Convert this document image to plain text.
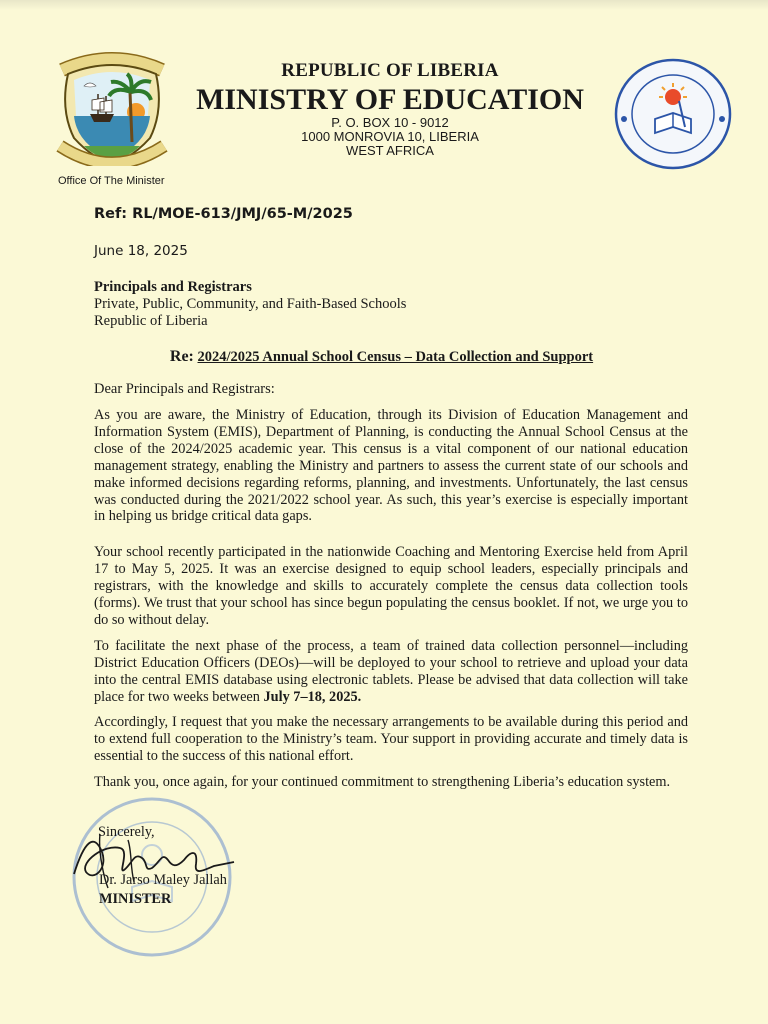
REPUBLIC OF LIBERIA
MINISTRY OF EDUCATION
P. O. BOX 10 - 9012
1000 MONROVIA 10, LIBERIA
WEST AFRICA
Office Of The Minister
Ref: RL/MOE-613/JMJ/65-M/2025
June 18, 2025
Principals and Registrars
Private, Public, Community, and Faith-Based Schools
Republic of Liberia
Re: 2024/2025 Annual School Census – Data Collection and Support
Dear Principals and Registrars:
As you are aware, the Ministry of Education, through its Division of Education Management and Information System (EMIS), Department of Planning, is conducting the Annual School Census at the close of the 2024/2025 academic year. This census is a vital component of our national education management strategy, enabling the Ministry and partners to assess the current state of our schools and make informed decisions regarding reforms, planning, and investments. Unfortunately, the last census was conducted during the 2021/2022 school year. As such, this year’s exercise is especially important in helping us bridge critical data gaps.
Your school recently participated in the nationwide Coaching and Mentoring Exercise held from April 17 to May 5, 2025. It was an exercise designed to equip school leaders, especially principals and registrars, with the knowledge and skills to accurately complete the census data collection tools (forms). We trust that your school has since begun populating the census booklet. If not, we urge you to do so without delay.
To facilitate the next phase of the process, a team of trained data collection personnel—including District Education Officers (DEOs)—will be deployed to your school to retrieve and upload your data into the central EMIS database using electronic tablets. Please be advised that data collection will take place for two weeks between July 7–18, 2025.
Accordingly, I request that you make the necessary arrangements to be available during this period and to extend full cooperation to the Ministry’s team. Your support in providing accurate and timely data is essential to the success of this national effort.
Thank you, once again, for your continued commitment to strengthening Liberia’s education system.
Sincerely,
Dr. Jarso Maley Jallah
MINISTER
